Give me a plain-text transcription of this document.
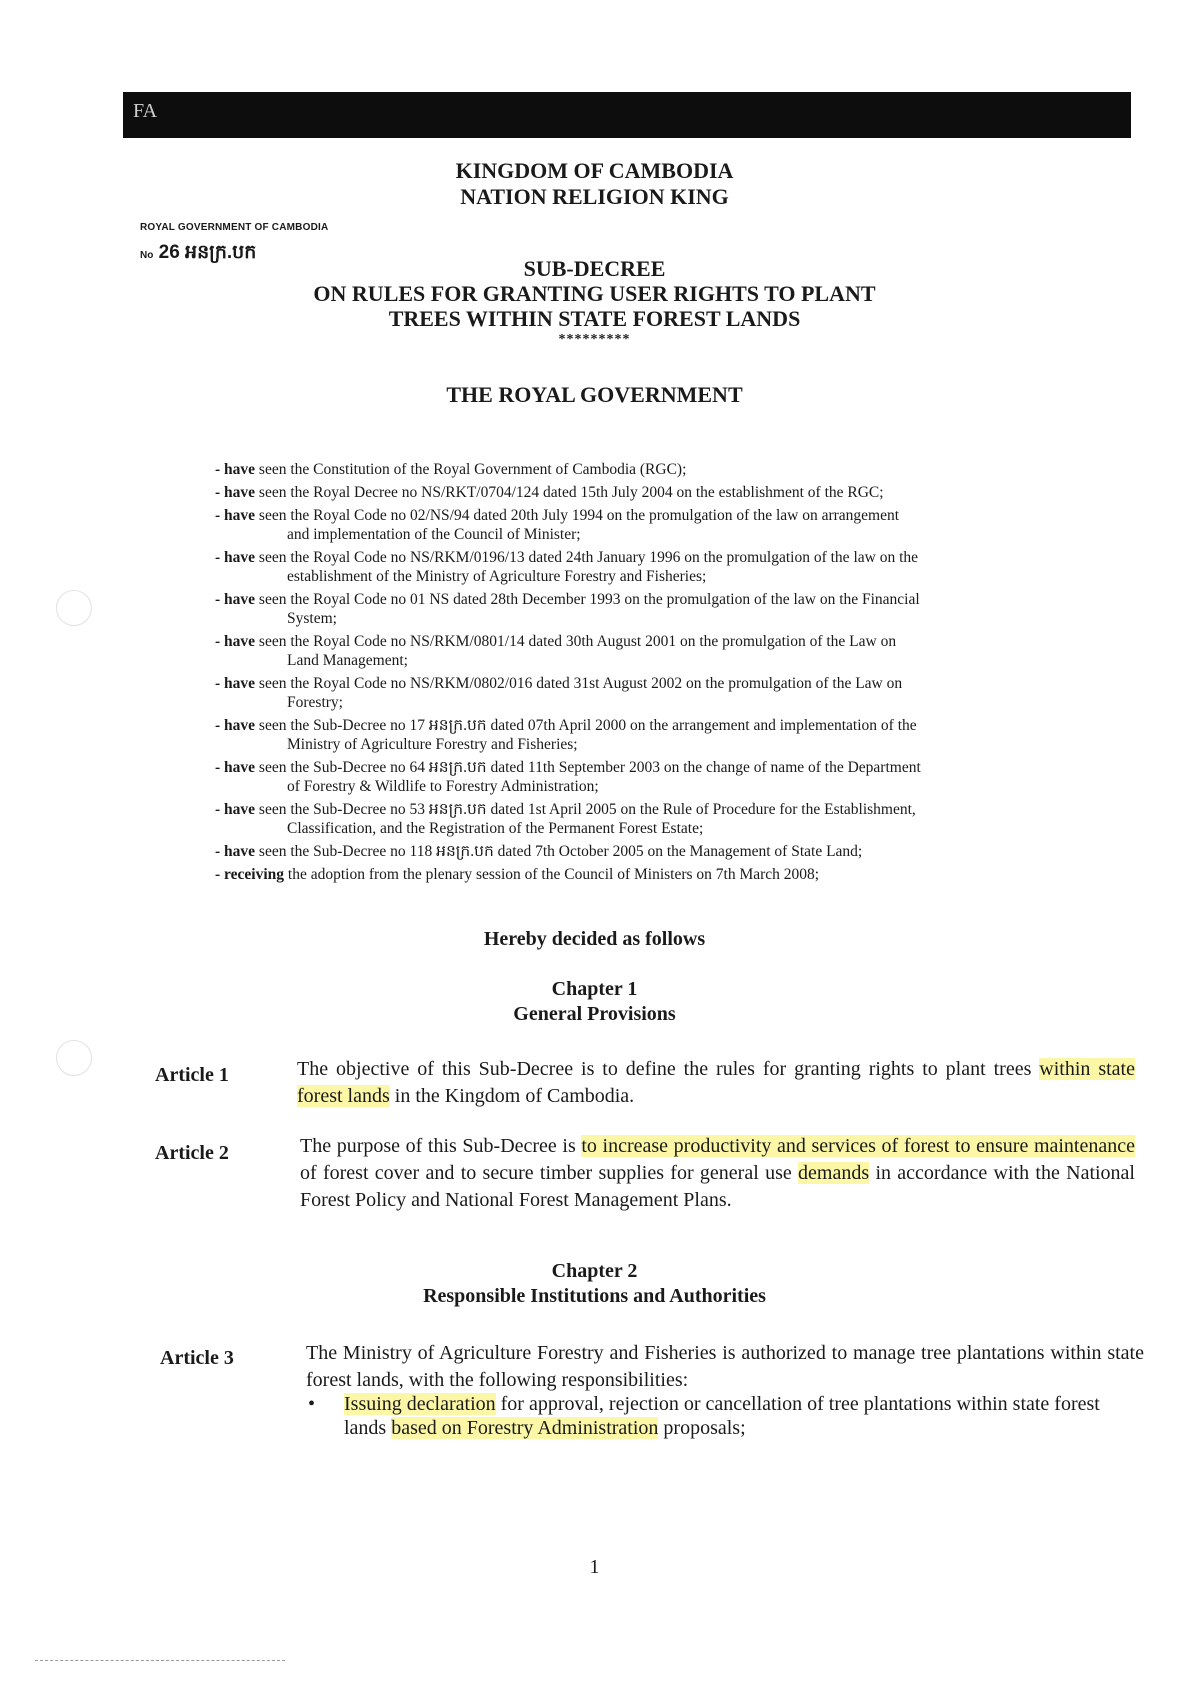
FA
KINGDOM OF CAMBODIA
NATION RELIGION KING
ROYAL GOVERNMENT OF CAMBODIA
No 26 អនក្រ.បក
SUB-DECREE
ON RULES FOR GRANTING USER RIGHTS TO PLANT
TREES WITHIN STATE FOREST LANDS
*********
THE ROYAL GOVERNMENT
- have seen the Constitution of the Royal Government of Cambodia (RGC);
- have seen the Royal Decree no NS/RKT/0704/124 dated 15th July 2004 on the establishment of the RGC;
- have seen the Royal Code no 02/NS/94 dated 20th July 1994 on the promulgation of the law on arrangement
and implementation of the Council of Minister;
- have seen the Royal Code no NS/RKM/0196/13 dated 24th January 1996 on the promulgation of the law on the
establishment of the Ministry of Agriculture Forestry and Fisheries;
- have seen the Royal Code no 01 NS dated 28th December 1993 on the promulgation of the law on the Financial
System;
- have seen the Royal Code no NS/RKM/0801/14 dated 30th August 2001 on the promulgation of the Law on
Land Management;
- have seen the Royal Code no NS/RKM/0802/016 dated 31st August 2002 on the promulgation of the Law on
Forestry;
- have seen the Sub-Decree no 17 អនក្រ.បក dated 07th April 2000 on the arrangement and implementation of the
Ministry of Agriculture Forestry and Fisheries;
- have seen the Sub-Decree no 64 អនក្រ.បក dated 11th September 2003 on the change of name of the Department
of Forestry & Wildlife to Forestry Administration;
- have seen the Sub-Decree no 53 អនក្រ.បក dated 1st April 2005 on the Rule of Procedure for the Establishment,
Classification, and the Registration of the Permanent Forest Estate;
- have seen the Sub-Decree no 118 អនក្រ.បក dated 7th October 2005 on the Management of State Land;
- receiving the adoption from the plenary session of the Council of Ministers on 7th March 2008;
Hereby decided as follows
Chapter 1
General Provisions
Article 1	The objective of this Sub-Decree is to define the rules for granting rights to plant trees within state forest lands in the Kingdom of Cambodia.
Article 2	The purpose of this Sub-Decree is to increase productivity and services of forest to ensure maintenance of forest cover and to secure timber supplies for general use demands in accordance with the National Forest Policy and National Forest Management Plans.
Chapter 2
Responsible Institutions and Authorities
Article 3	The Ministry of Agriculture Forestry and Fisheries is authorized to manage tree plantations within state forest lands, with the following responsibilities:
• Issuing declaration for approval, rejection or cancellation of tree plantations within state forest lands based on Forestry Administration proposals;
1
